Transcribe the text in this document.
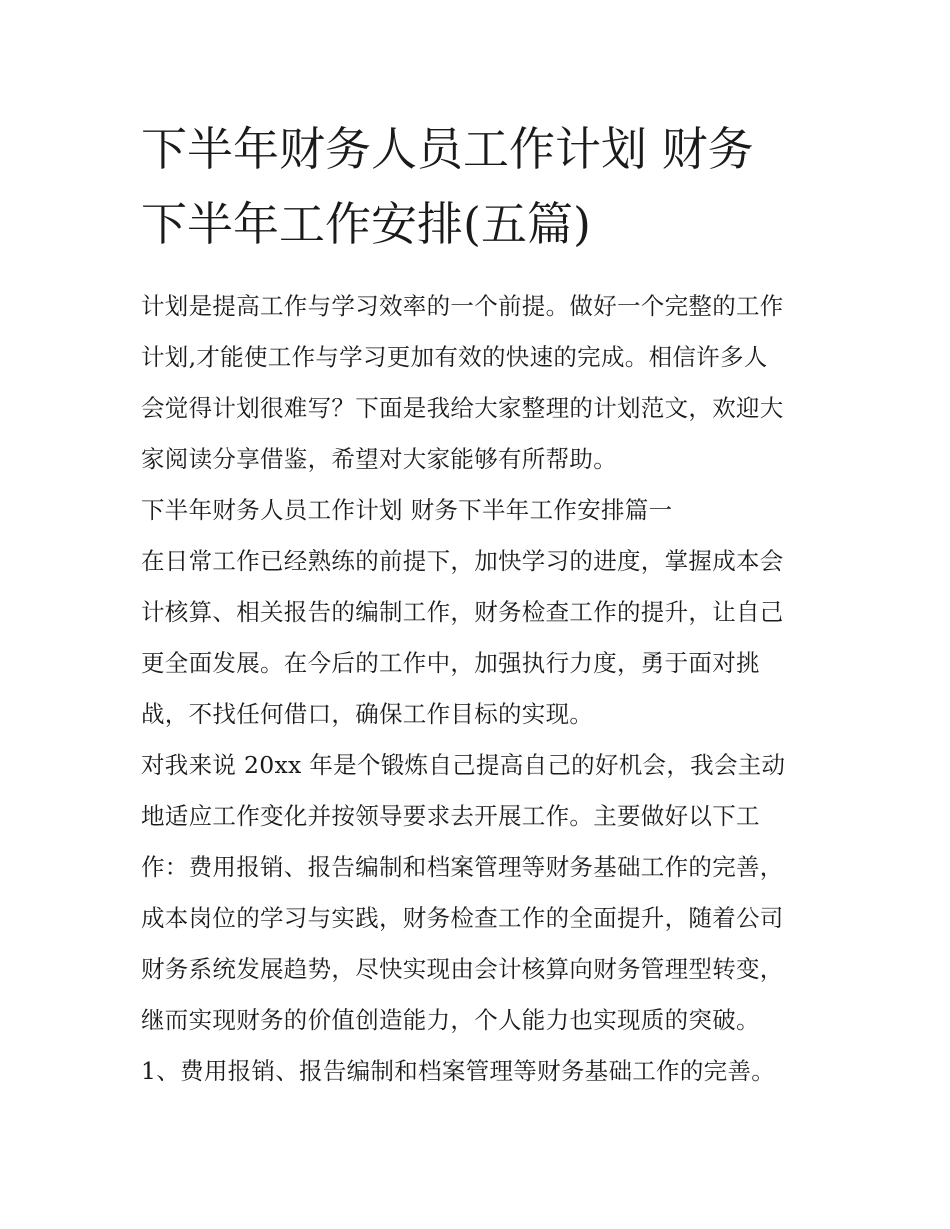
下半年财务人员工作计划 财务
下半年工作安排(五篇)

计划是提高工作与学习效率的一个前提。做好一个完整的工作
计划,才能使工作与学习更加有效的快速的完成。相信许多人
会觉得计划很难写？下面是我给大家整理的计划范文，欢迎大
家阅读分享借鉴，希望对大家能够有所帮助。

下半年财务人员工作计划 财务下半年工作安排篇一

在日常工作已经熟练的前提下，加快学习的进度，掌握成本会
计核算、相关报告的编制工作，财务检查工作的提升，让自己
更全面发展。在今后的工作中，加强执行力度，勇于面对挑
战，不找任何借口，确保工作目标的实现。

对我来说 20xx 年是个锻炼自己提高自己的好机会，我会主动
地适应工作变化并按领导要求去开展工作。主要做好以下工
作：费用报销、报告编制和档案管理等财务基础工作的完善，
成本岗位的学习与实践，财务检查工作的全面提升，随着公司
财务系统发展趋势，尽快实现由会计核算向财务管理型转变，
继而实现财务的价值创造能力，个人能力也实现质的突破。

1、费用报销、报告编制和档案管理等财务基础工作的完善。
